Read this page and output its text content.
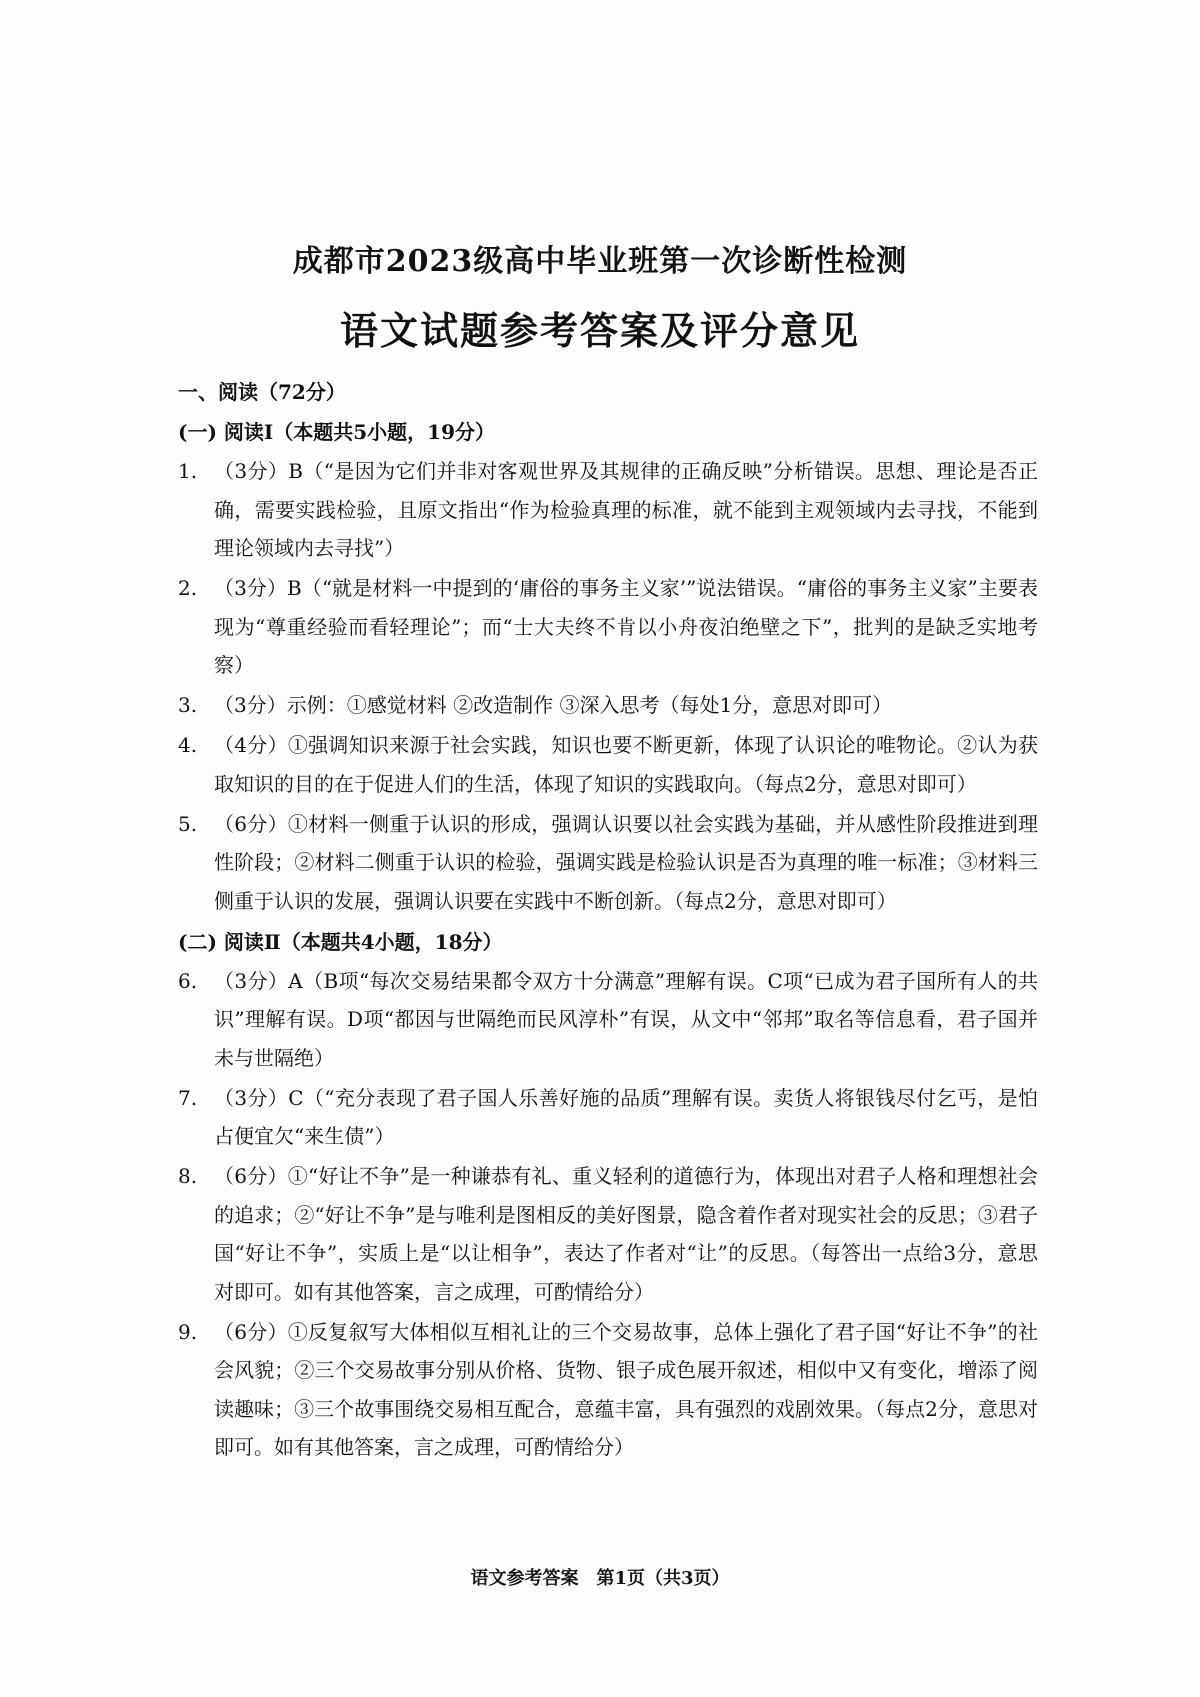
成都市2023级高中毕业班第一次诊断性检测
语文试题参考答案及评分意见
一、阅读（72分）
(一) 阅读Ⅰ（本题共5小题，19分）
1. （3分）B（“是因为它们并非对客观世界及其规律的正确反映”分析错误。思想、理论是否正确，需要实践检验，且原文指出“作为检验真理的标准，就不能到主观领域内去寻找，不能到理论领域内去寻找”）
2. （3分）B（“就是材料一中提到的‘庸俗的事务主义家’”说法错误。“庸俗的事务主义家”主要表现为“尊重经验而看轻理论”；而“士大夫终不肯以小舟夜泊绝壁之下”，批判的是缺乏实地考察）
3. （3分）示例：①感觉材料 ②改造制作 ③深入思考（每处1分，意思对即可）
4. （4分）①强调知识来源于社会实践，知识也要不断更新，体现了认识论的唯物论。②认为获取知识的目的在于促进人们的生活，体现了知识的实践取向。（每点2分，意思对即可）
5. （6分）①材料一侧重于认识的形成，强调认识要以社会实践为基础，并从感性阶段推进到理性阶段；②材料二侧重于认识的检验，强调实践是检验认识是否为真理的唯一标准；③材料三侧重于认识的发展，强调认识要在实践中不断创新。（每点2分，意思对即可）
(二) 阅读Ⅱ（本题共4小题，18分）
6. （3分）A（B项“每次交易结果都令双方十分满意”理解有误。C项“已成为君子国所有人的共识”理解有误。D项“都因与世隔绝而民风淳朴”有误，从文中“邻邦”取名等信息看，君子国并未与世隔绝）
7. （3分）C（“充分表现了君子国人乐善好施的品质”理解有误。卖货人将银钱尽付乞丐，是怕占便宜欠“来生债”）
8. （6分）①“好让不争”是一种谦恭有礼、重义轻利的道德行为，体现出对君子人格和理想社会的追求；②“好让不争”是与唯利是图相反的美好图景，隐含着作者对现实社会的反思；③君子国“好让不争”，实质上是“以让相争”，表达了作者对“让”的反思。（每答出一点给3分，意思对即可。如有其他答案，言之成理，可酌情给分）
9. （6分）①反复叙写大体相似互相礼让的三个交易故事，总体上强化了君子国“好让不争”的社会风貌；②三个交易故事分别从价格、货物、银子成色展开叙述，相似中又有变化，增添了阅读趣味；③三个故事围绕交易相互配合，意蕴丰富，具有强烈的戏剧效果。（每点2分，意思对即可。如有其他答案，言之成理，可酌情给分）
语文参考答案　第1页（共3页）
